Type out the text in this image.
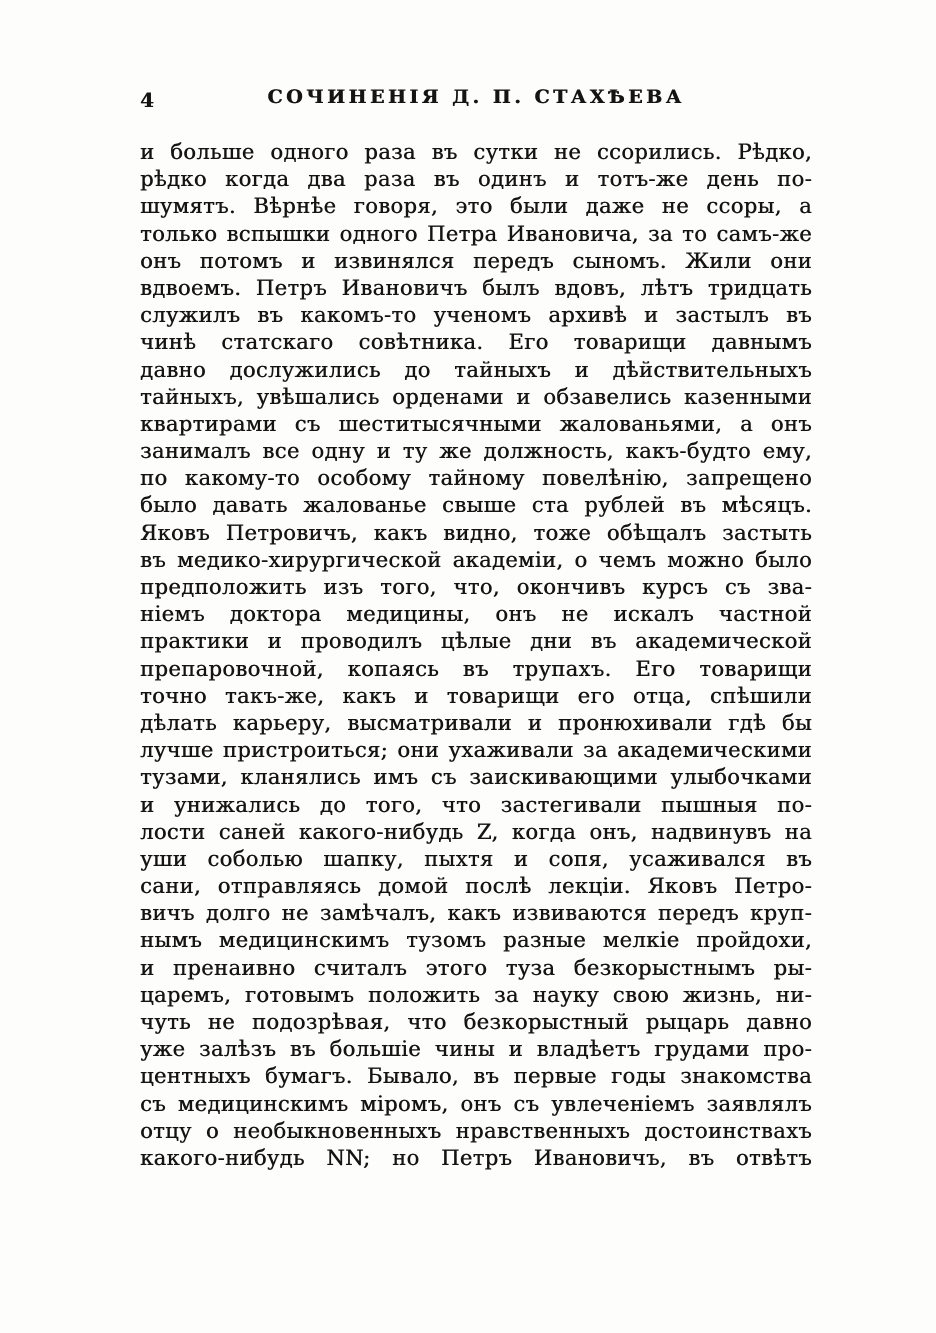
4	СОЧИНЕНІЯ Д. П. СТАХѢЕВА
и больше одного раза въ сутки не ссорились. Рѣдко,
рѣдко когда два раза въ одинъ и тотъ-же день по-
шумятъ. Вѣрнѣе говоря, это были даже не ссоры, а
только вспышки одного Петра Ивановича, за то самъ-же
онъ потомъ и извинялся передъ сыномъ. Жили они
вдвоемъ. Петръ Ивановичъ былъ вдовъ, лѣтъ тридцать
служилъ въ какомъ-то ученомъ архивѣ и застылъ въ
чинѣ статскаго совѣтника. Его товарищи давнымъ
давно дослужились до тайныхъ и дѣйствительныхъ
тайныхъ, увѣшались орденами и обзавелись казенными
квартирами съ шеститысячными жалованьями, а онъ
занималъ все одну и ту же должность, какъ-будто ему,
по какому-то особому тайному повелѣнію, запрещено
было давать жалованье свыше ста рублей въ мѣсяцъ.
Яковъ Петровичъ, какъ видно, тоже обѣщалъ застыть
въ медико-хирургической академіи, о чемъ можно было
предположить изъ того, что, окончивъ курсъ съ зва-
ніемъ доктора медицины, онъ не искалъ частной
практики и проводилъ цѣлые дни въ академической
препаровочной, копаясь въ трупахъ. Его товарищи
точно такъ-же, какъ и товарищи его отца, спѣшили
дѣлать карьеру, высматривали и пронюхивали гдѣ бы
лучше пристроиться; они ухаживали за академическими
тузами, кланялись имъ съ заискивающими улыбочками
и унижались до того, что застегивали пышныя по-
лости саней какого-нибудь Z, когда онъ, надвинувъ на
уши соболью шапку, пыхтя и сопя, усаживался въ
сани, отправляясь домой послѣ лекціи. Яковъ Петро-
вичъ долго не замѣчалъ, какъ извиваются передъ круп-
нымъ медицинскимъ тузомъ разные мелкіе пройдохи,
и пренаивно считалъ этого туза безкорыстнымъ ры-
царемъ, готовымъ положить за науку свою жизнь, ни-
чуть не подозрѣвая, что безкорыстный рыцарь давно
уже залѣзъ въ большіе чины и владѣетъ грудами про-
центныхъ бумагъ. Бывало, въ первые годы знакомства
съ медицинскимъ міромъ, онъ съ увлеченіемъ заявлялъ
отцу о необыкновенныхъ нравственныхъ достоинствахъ
какого-нибудь NN; но Петръ Ивановичъ, въ отвѣтъ
